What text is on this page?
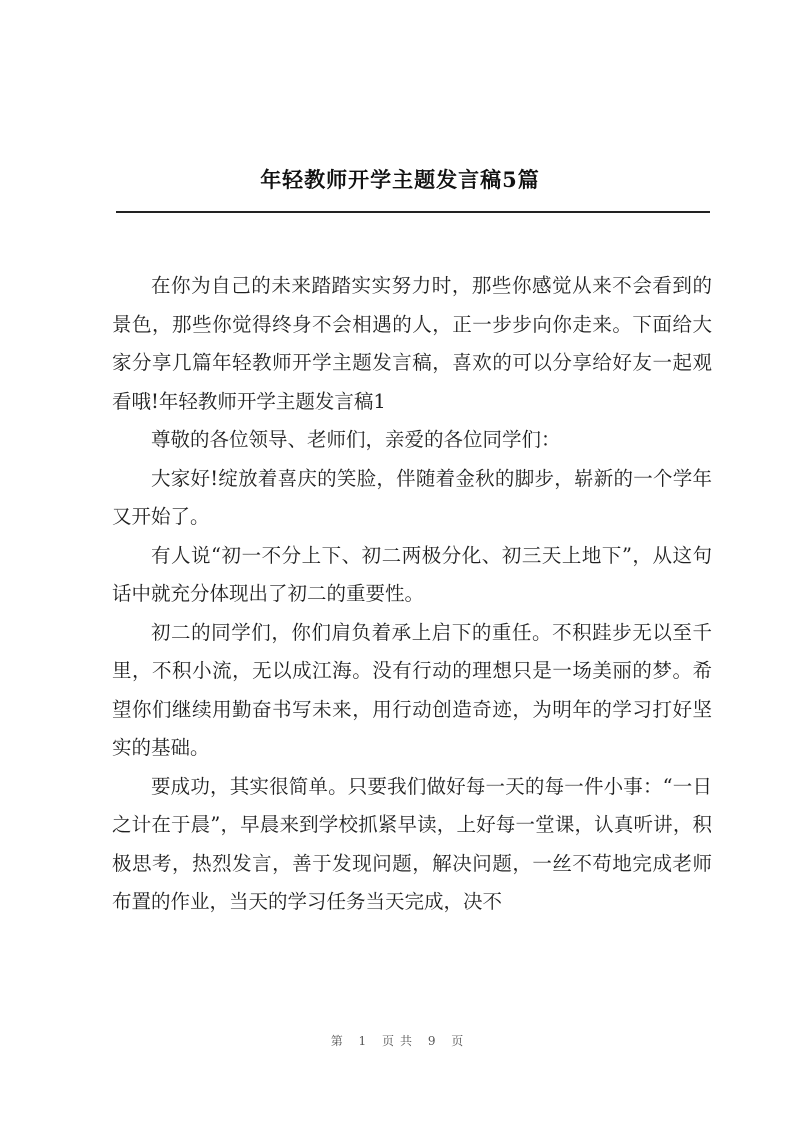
年轻教师开学主题发言稿5篇

在你为自己的未来踏踏实实努力时，那些你感觉从来不会看到的景色，那些你觉得终身不会相遇的人，正一步步向你走来。下面给大家分享几篇年轻教师开学主题发言稿，喜欢的可以分享给好友一起观看哦!年轻教师开学主题发言稿1

尊敬的各位领导、老师们，亲爱的各位同学们：

大家好!绽放着喜庆的笑脸，伴随着金秋的脚步，崭新的一个学年又开始了。

有人说“初一不分上下、初二两极分化、初三天上地下”，从这句话中就充分体现出了初二的重要性。

初二的同学们，你们肩负着承上启下的重任。不积跬步无以至千里，不积小流，无以成江海。没有行动的理想只是一场美丽的梦。希望你们继续用勤奋书写未来，用行动创造奇迹，为明年的学习打好坚实的基础。

要成功，其实很简单。只要我们做好每一天的每一件小事：“一日之计在于晨”，早晨来到学校抓紧早读，上好每一堂课，认真听讲，积极思考，热烈发言，善于发现问题，解决问题，一丝不苟地完成老师布置的作业，当天的学习任务当天完成，决不

第 1 页共 9 页
